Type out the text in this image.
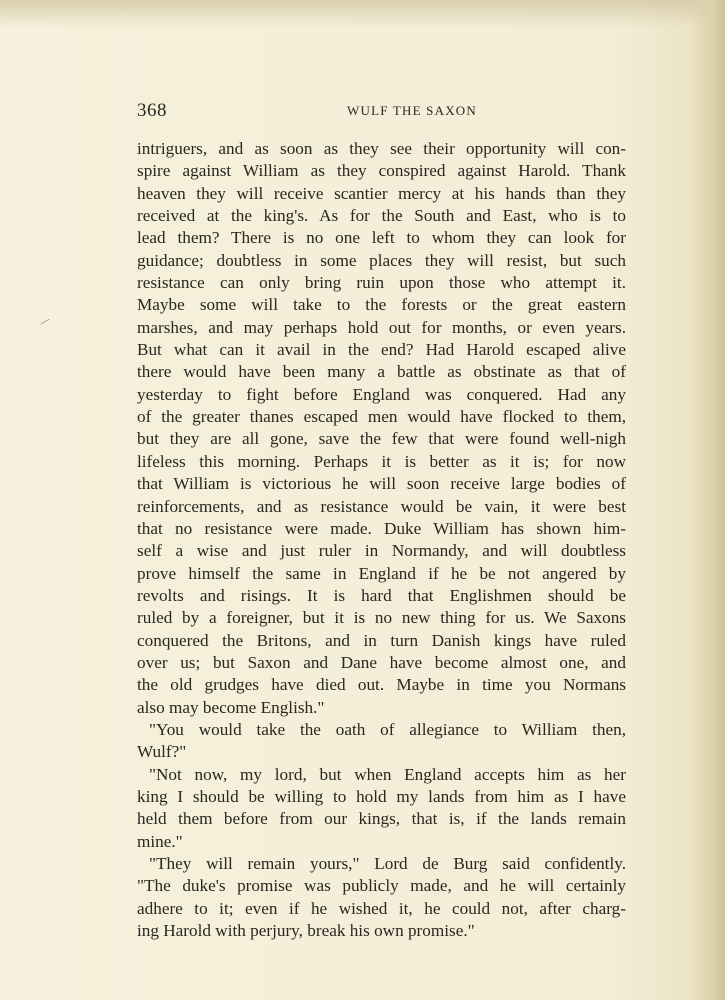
368	WULF THE SAXON
—
intriguers, and as soon as they see their opportunity will con-
spire against William as they conspired against Harold. Thank
heaven they will receive scantier mercy at his hands than they
received at the king's. As for the South and East, who is to
lead them? There is no one left to whom they can look for
guidance; doubtless in some places they will resist, but such
resistance can only bring ruin upon those who attempt it.
Maybe some will take to the forests or the great eastern
marshes, and may perhaps hold out for months, or even years.
But what can it avail in the end? Had Harold escaped alive
there would have been many a battle as obstinate as that of
yesterday to fight before England was conquered. Had any
of the greater thanes escaped men would have flocked to them,
but they are all gone, save the few that were found well-nigh
lifeless this morning. Perhaps it is better as it is; for now
that William is victorious he will soon receive large bodies of
reinforcements, and as resistance would be vain, it were best
that no resistance were made. Duke William has shown him-
self a wise and just ruler in Normandy, and will doubtless
prove himself the same in England if he be not angered by
revolts and risings. It is hard that Englishmen should be
ruled by a foreigner, but it is no new thing for us. We Saxons
conquered the Britons, and in turn Danish kings have ruled
over us; but Saxon and Dane have become almost one, and
the old grudges have died out. Maybe in time you Normans
also may become English."
"You would take the oath of allegiance to William then,
Wulf?"
"Not now, my lord, but when England accepts him as her
king I should be willing to hold my lands from him as I have
held them before from our kings, that is, if the lands remain
mine."
"They will remain yours," Lord de Burg said confidently.
"The duke's promise was publicly made, and he will certainly
adhere to it; even if he wished it, he could not, after charg-
ing Harold with perjury, break his own promise."
